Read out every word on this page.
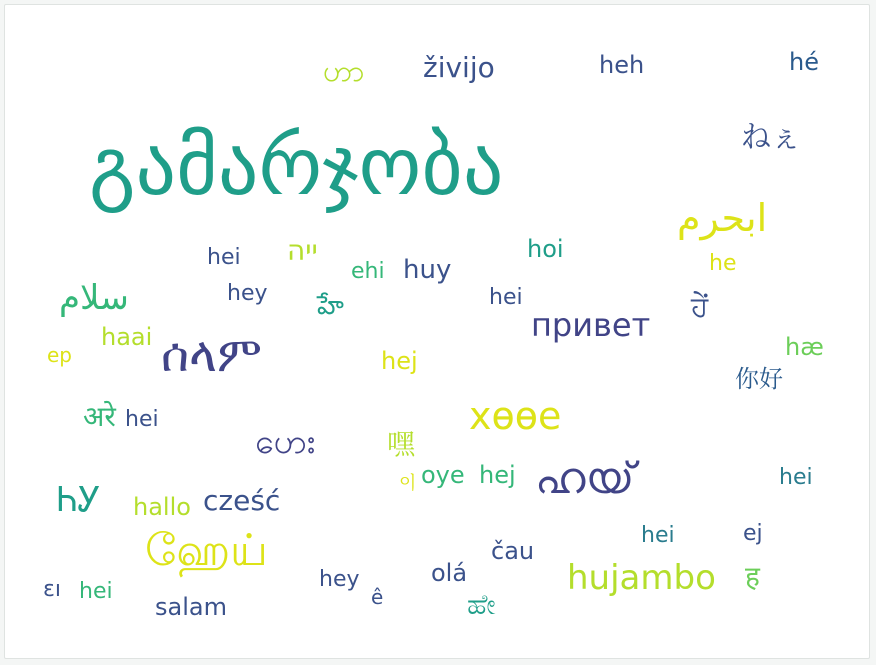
ဟာ živijo	heh	hé
გამარჯობა	ねぇ
ابحرم
hoi
hei ייה
ehi huy	he
سلام	hey హే	hei
привет ਹੇਂ
ep
haai ሰላም	hej	hæ
你好
अरे hei	xөөе
ဟေး	嘿
이 oye hej ഹയ്	hei
ᏂᎩ hallo cześć
ஹேய்	hei	ej
čau
hujambo ह
ɛı hei	hey
ê
olá
salam	ಹೇ
